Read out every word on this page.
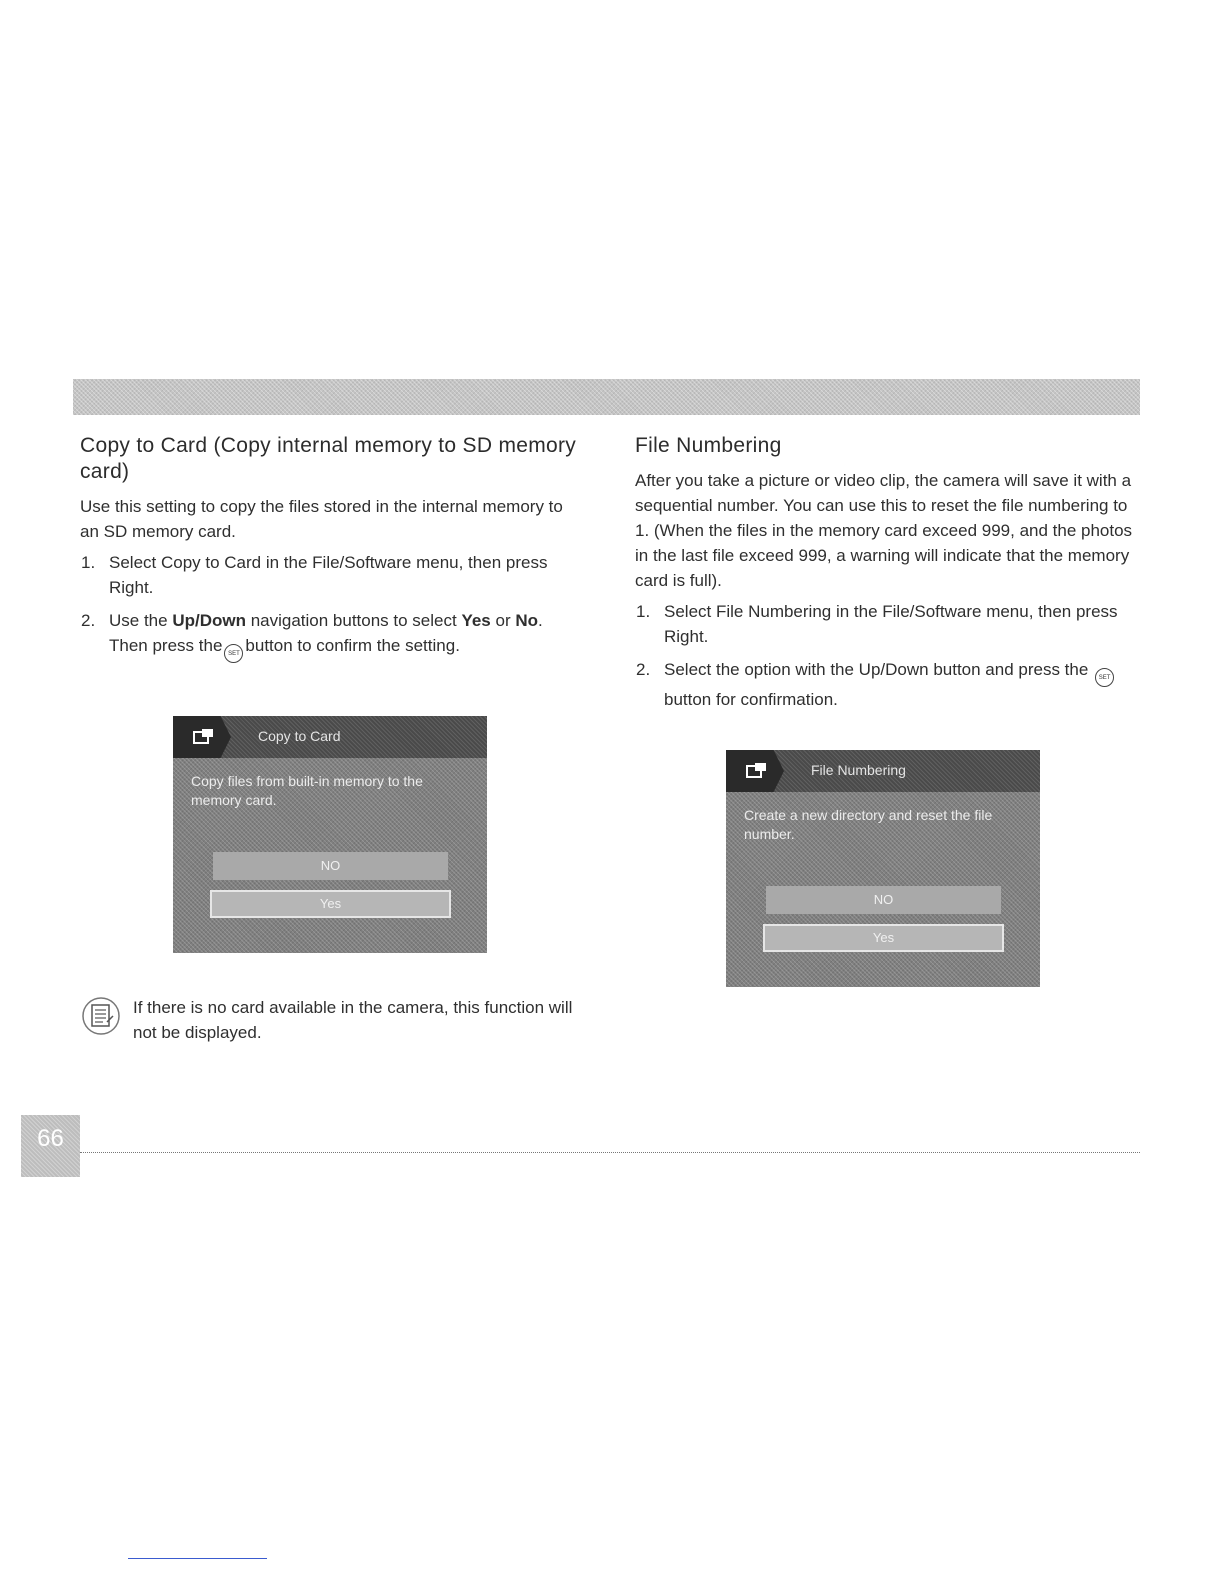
Copy to Card (Copy internal memory to SD memory card)

Use this setting to copy the files stored in the internal memory to an SD memory card.

1. Select Copy to Card in the File/Software menu, then press Right.
2. Use the Up/Down navigation buttons to select Yes or No. Then press the SET button to confirm the setting.
Copy to Card
Copy files from built-in memory to the memory card.
NO
Yes
If there is no card available in the camera, this function will not be displayed.
File Numbering

After you take a picture or video clip, the camera will save it with a sequential number. You can use this to reset the file numbering to 1. (When the files in the memory card exceed 999, and the photos in the last file exceed 999, a warning will indicate that the memory card is full).

1. Select File Numbering in the File/Software menu, then press Right.
2. Select the option with the Up/Down button and press the SETbutton for confirmation.
File Numbering
Create a new directory and reset the file number.
NO
Yes
66
